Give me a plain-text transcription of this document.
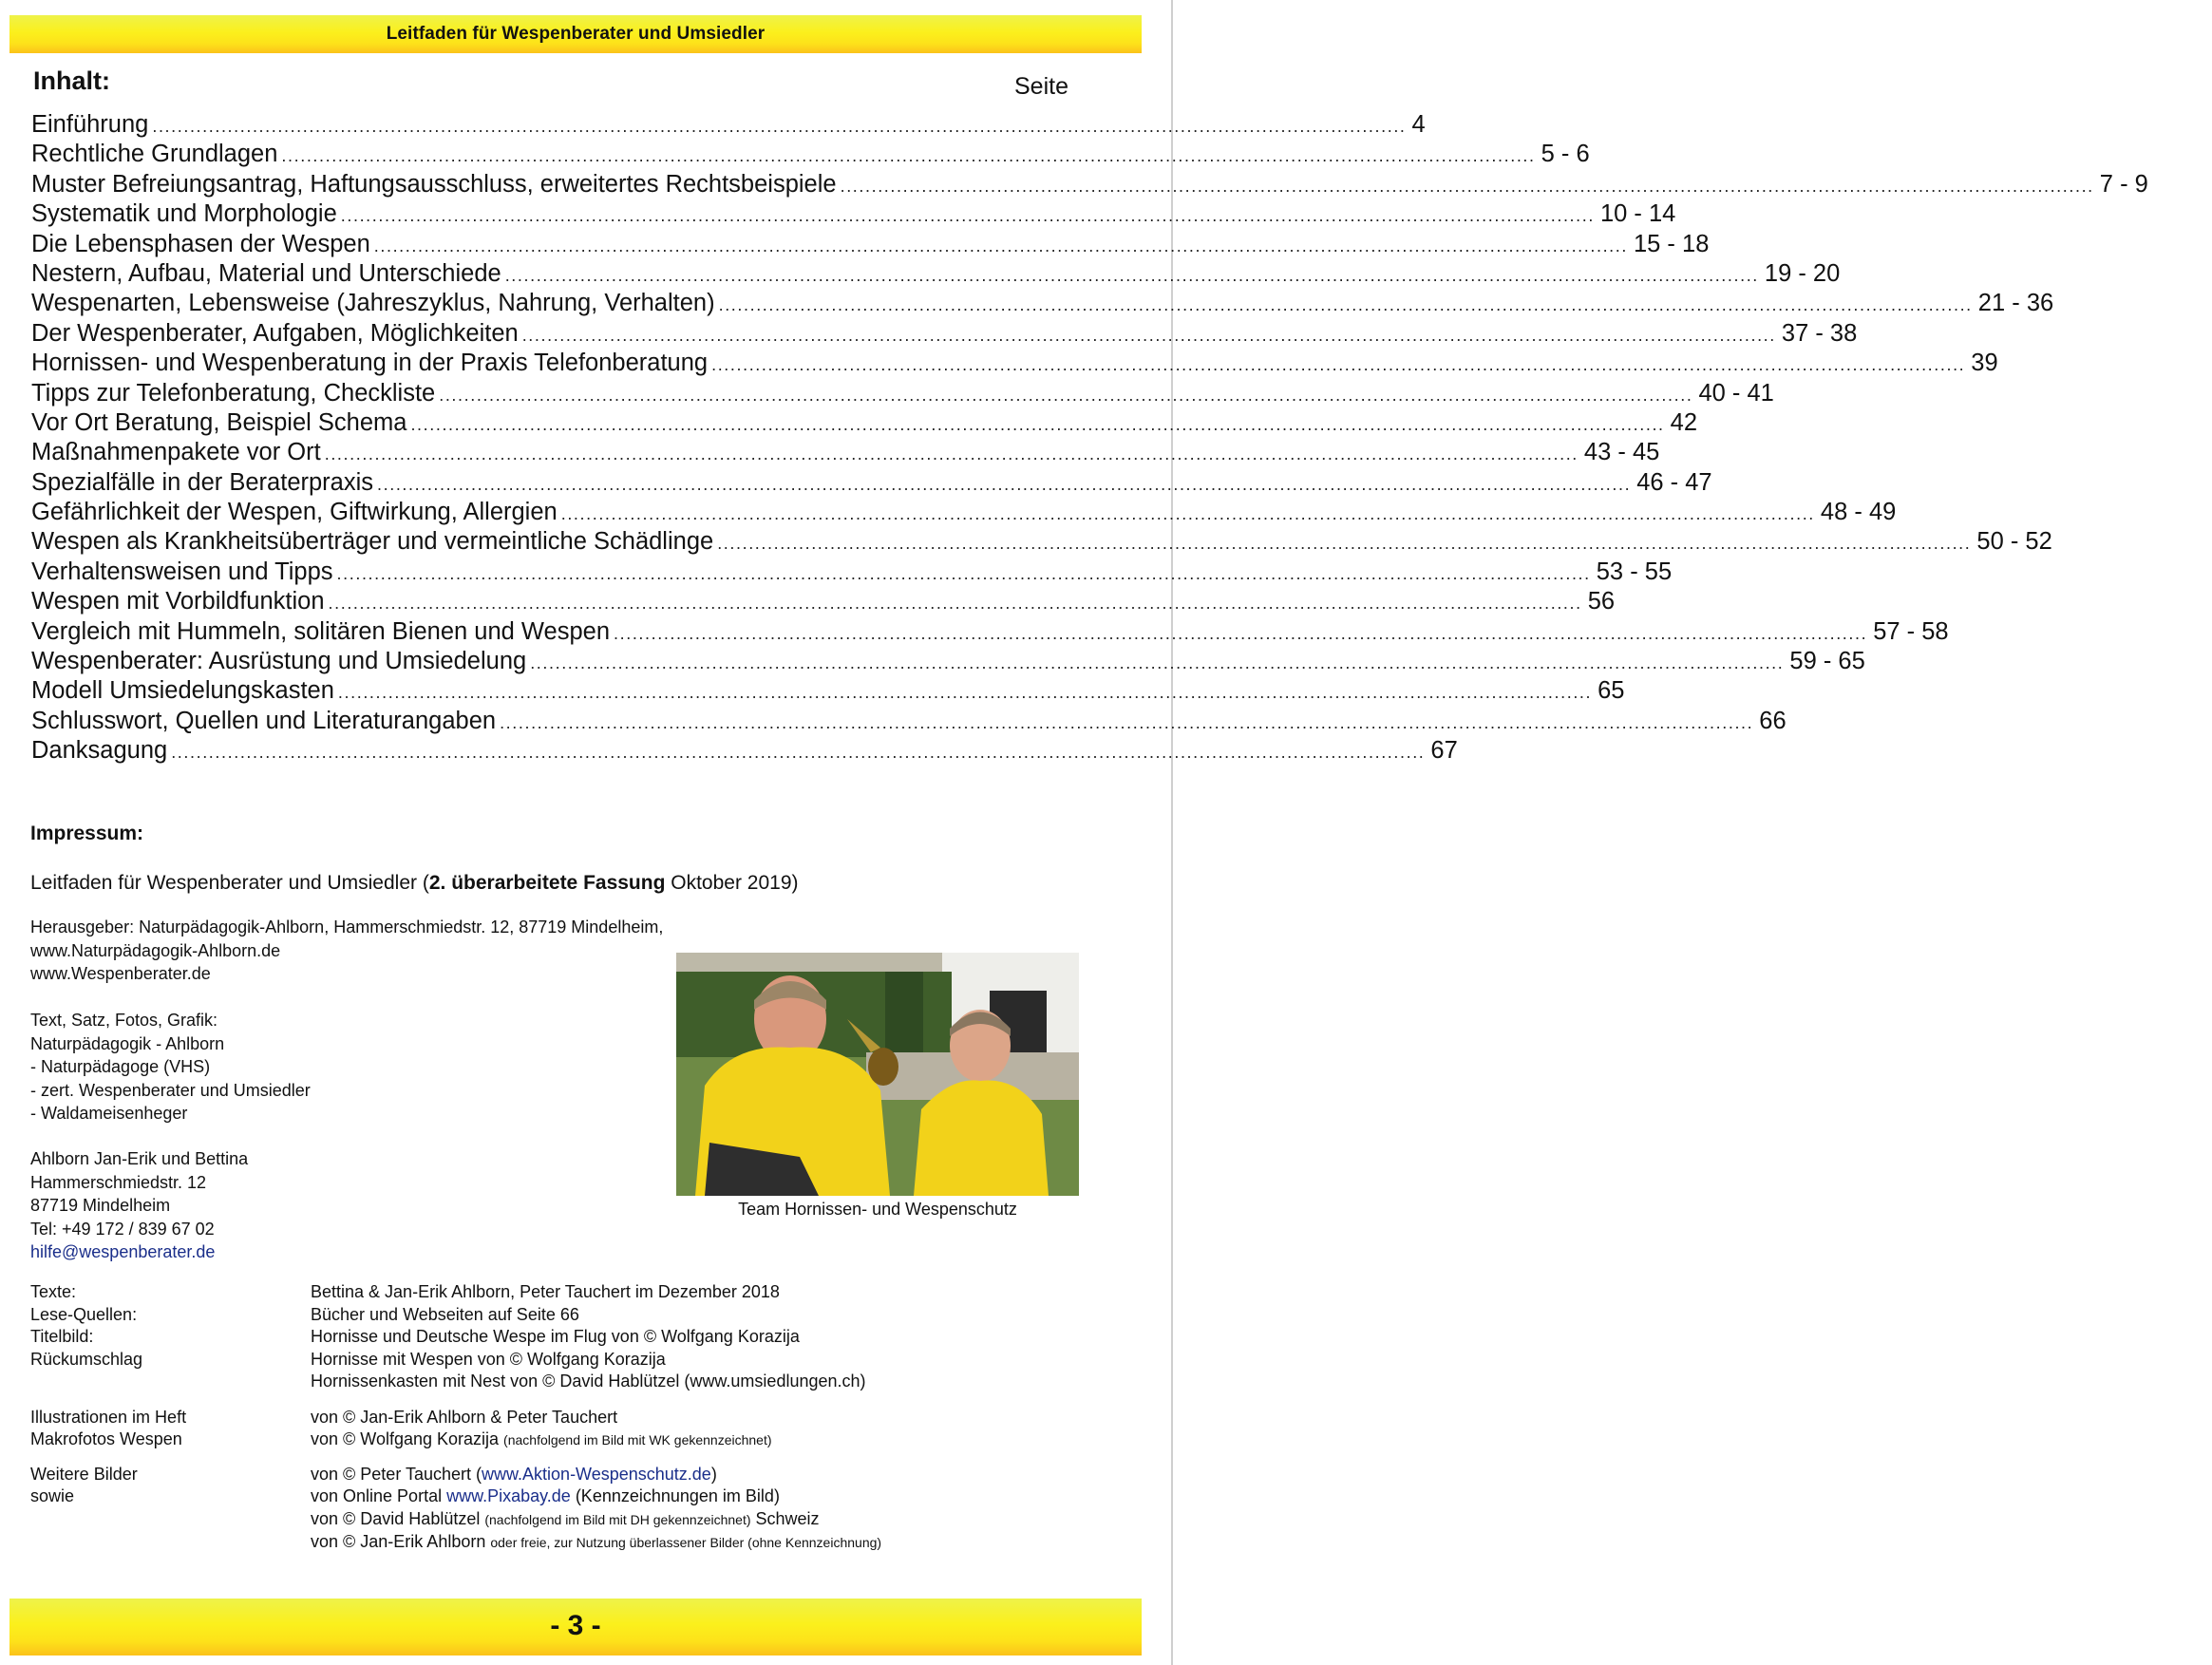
Leitfaden für Wespenberater und Umsiedler
Inhalt:	Seite
Einführung ........................................................................................................................................................................................................ 4
Rechtliche Grundlagen ........................................................................................................................................................................................................ 5 - 6
Muster Befreiungsantrag, Haftungsausschluss, erweitertes Rechtsbeispiele ........................................................................................................................................................................................................ 7 - 9
Systematik und Morphologie ........................................................................................................................................................................................................ 10 - 14
Die Lebensphasen der Wespen ........................................................................................................................................................................................................ 15 - 18
Nestern, Aufbau, Material und Unterschiede ........................................................................................................................................................................................................ 19 - 20
Wespenarten, Lebensweise (Jahreszyklus, Nahrung, Verhalten) ........................................................................................................................................................................................................ 21 - 36
Der Wespenberater, Aufgaben, Möglichkeiten ........................................................................................................................................................................................................ 37 - 38
Hornissen- und Wespenberatung in der Praxis Telefonberatung ........................................................................................................................................................................................................ 39
Tipps zur Telefonberatung, Checkliste ........................................................................................................................................................................................................ 40 - 41
Vor Ort Beratung, Beispiel Schema ........................................................................................................................................................................................................ 42
Maßnahmenpakete vor Ort ........................................................................................................................................................................................................ 43 - 45
Spezialfälle in der Beraterpraxis ........................................................................................................................................................................................................ 46 - 47
Gefährlichkeit der Wespen, Giftwirkung, Allergien ........................................................................................................................................................................................................ 48 - 49
Wespen als Krankheitsüberträger und vermeintliche Schädlinge ........................................................................................................................................................................................................ 50 - 52
Verhaltensweisen und Tipps ........................................................................................................................................................................................................ 53 - 55
Wespen mit Vorbildfunktion ........................................................................................................................................................................................................ 56
Vergleich mit Hummeln, solitären Bienen und Wespen ........................................................................................................................................................................................................ 57 - 58
Wespenberater: Ausrüstung und Umsiedelung ........................................................................................................................................................................................................ 59 - 65
Modell Umsiedelungskasten ........................................................................................................................................................................................................ 65
Schlusswort, Quellen und Literaturangaben ........................................................................................................................................................................................................ 66
Danksagung ........................................................................................................................................................................................................ 67
Impressum:
Leitfaden für Wespenberater und Umsiedler (2. überarbeitete Fassung Oktober 2019)
Herausgeber: Naturpädagogik-Ahlborn, Hammerschmiedstr. 12, 87719 Mindelheim,
www.Naturpädagogik-Ahlborn.de
www.Wespenberater.de
Text, Satz, Fotos, Grafik:
Naturpädagogik - Ahlborn
- Naturpädagoge (VHS)
- zert. Wespenberater und Umsiedler
- Waldameisenheger
Ahlborn Jan-Erik und Bettina
Hammerschmiedstr. 12
87719 Mindelheim
Tel: +49 172 / 839 67 02
hilfe@wespenberater.de
Team Hornissen- und Wespenschutz
Texte:
Lese-Quellen:
Titelbild:
Rückumschlag
Bettina & Jan-Erik Ahlborn, Peter Tauchert im Dezember 2018
Bücher und Webseiten auf Seite 66
Hornisse und Deutsche Wespe im Flug von © Wolfgang Korazija
Hornisse mit Wespen von © Wolfgang Korazija
Hornissenkasten mit Nest von © David Hablützel (www.umsiedlungen.ch)
Illustrationen im Heft
Makrofotos Wespen
von © Jan-Erik Ahlborn & Peter Tauchert
von © Wolfgang Korazija (nachfolgend im Bild mit WK gekennzeichnet)
Weitere Bilder
sowie
von © Peter Tauchert (www.Aktion-Wespenschutz.de)
von Online Portal www.Pixabay.de (Kennzeichnungen im Bild)
von © David Hablützel (nachfolgend im Bild mit DH gekennzeichnet) Schweiz
von © Jan-Erik Ahlborn oder freie, zur Nutzung überlassener Bilder (ohne Kennzeichnung)
- 3 -
